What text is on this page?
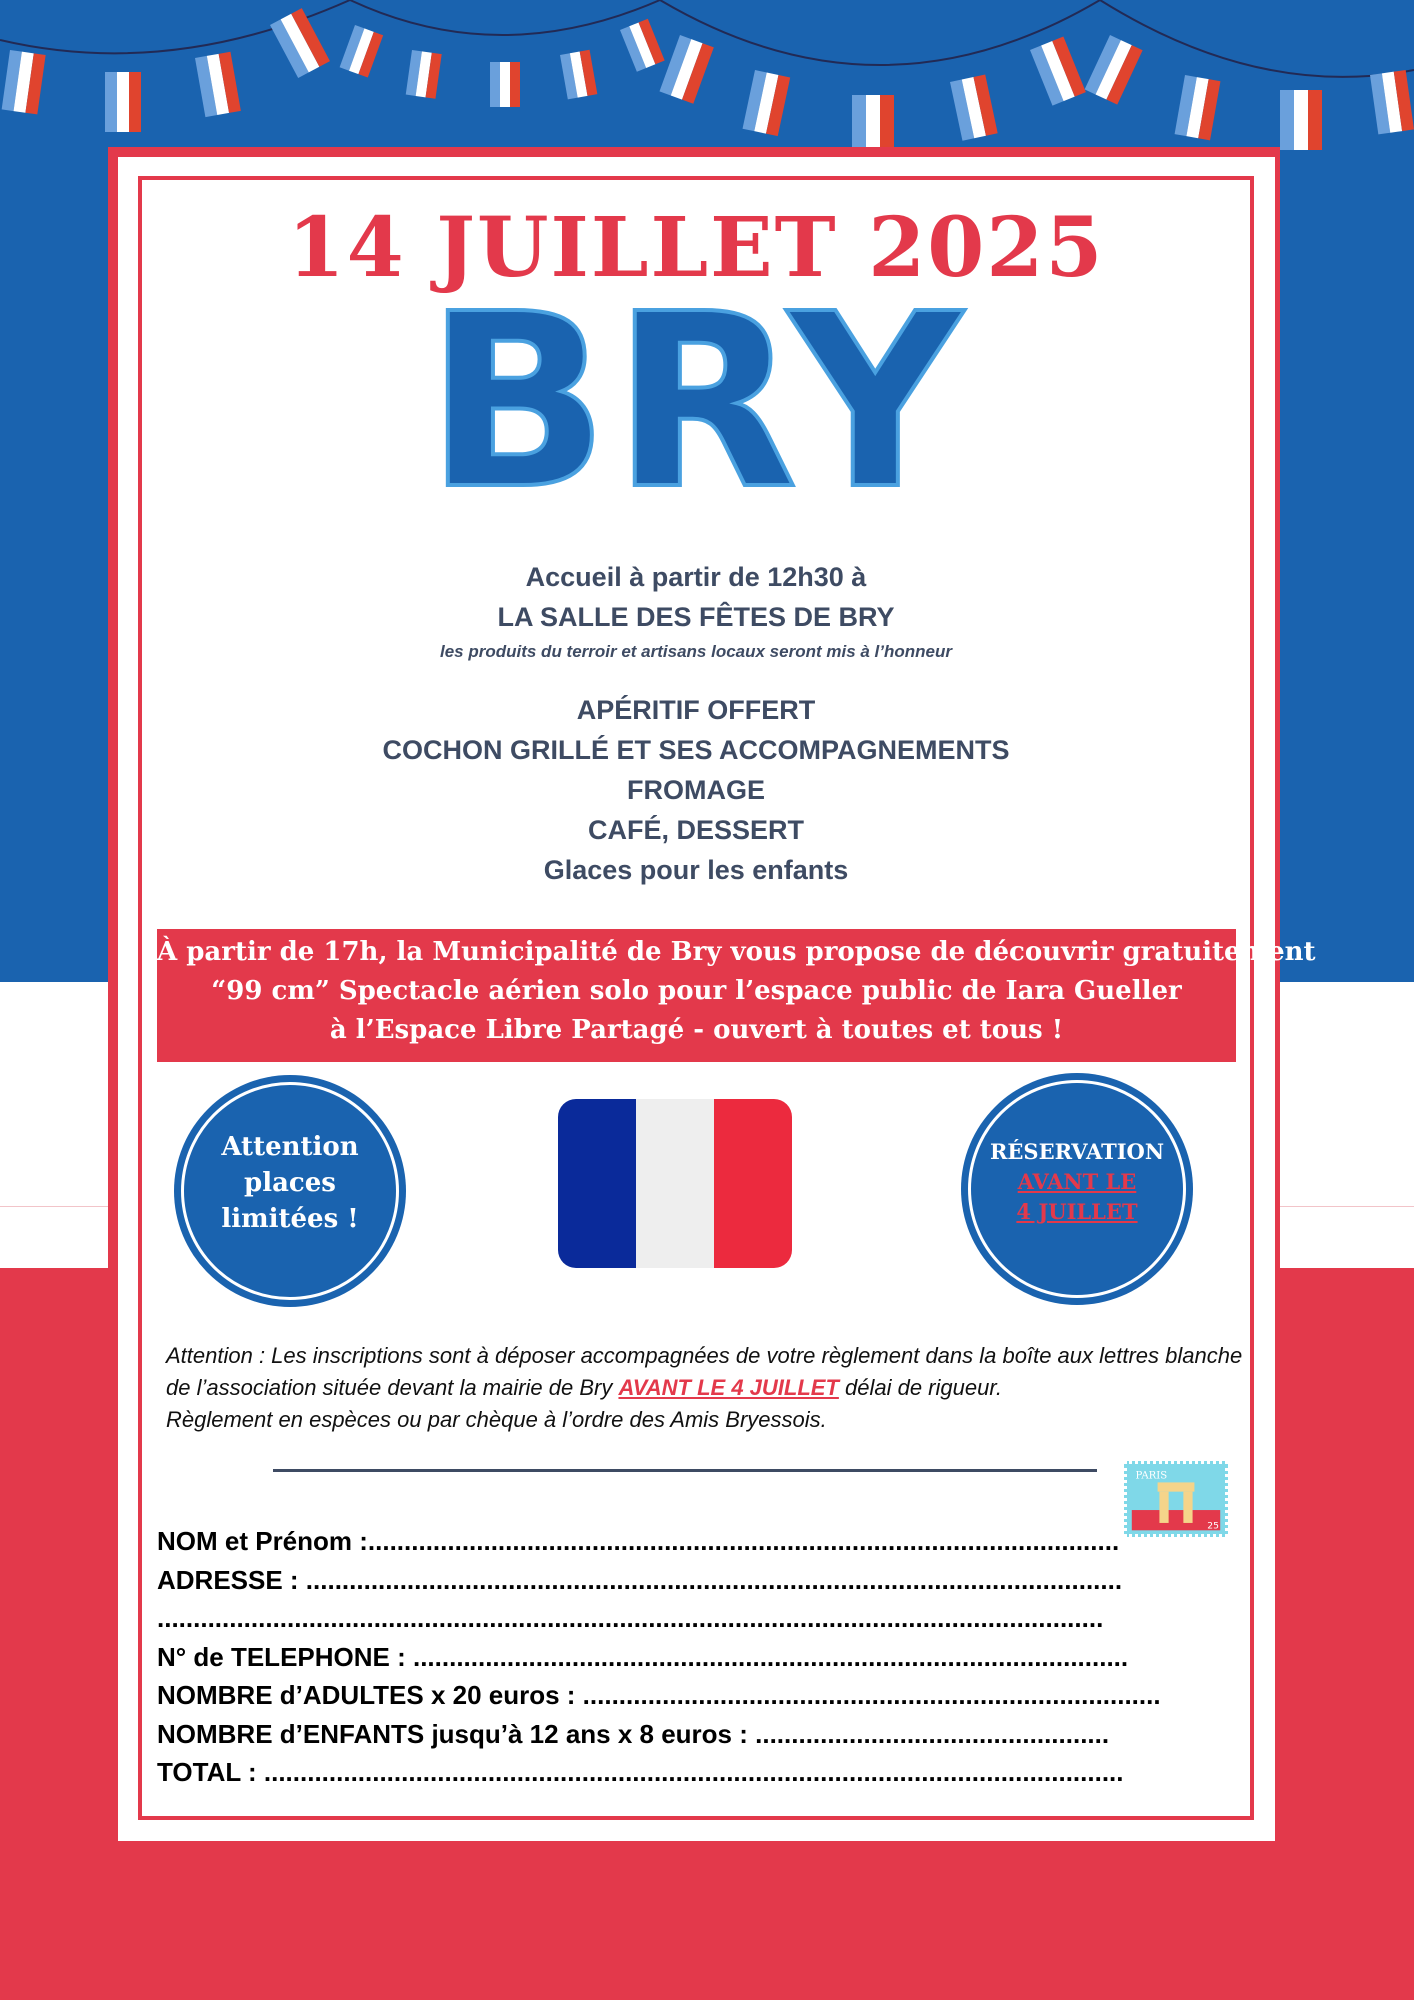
14 JUILLET 2025
BRY
Accueil à partir de 12h30 à
LA SALLE DES FÊTES DE BRY
les produits du terroir et artisans locaux seront mis à l’honneur
APÉRITIF OFFERT
COCHON GRILLÉ ET SES ACCOMPAGNEMENTS
FROMAGE
CAFÉ, DESSERT
Glaces pour les enfants
À partir de 17h, la Municipalité de Bry vous propose de découvrir gratuitement
“99 cm” Spectacle aérien solo pour l’espace public de Iara Gueller
à l’Espace Libre Partagé - ouvert à toutes et tous !
Attention
places
limitées !
RÉSERVATION
AVANT LE
4 JUILLET
Attention : Les inscriptions sont à déposer accompagnées de votre règlement dans la boîte aux lettres blanche de l’association située devant la mairie de Bry AVANT LE 4 JUILLET délai de rigueur.
Règlement en espèces ou par chèque à l’ordre des Amis Bryessois.
PARIS
25
NOM et Prénom :........................................................................................................
ADRESSE : .................................................................................................................
...................................................................................................................................
N° de TELEPHONE : ...................................................................................................
NOMBRE d’ADULTES x 20 euros : ................................................................................
NOMBRE d’ENFANTS jusqu’à 12 ans x 8 euros : .................................................
TOTAL : .......................................................................................................................
